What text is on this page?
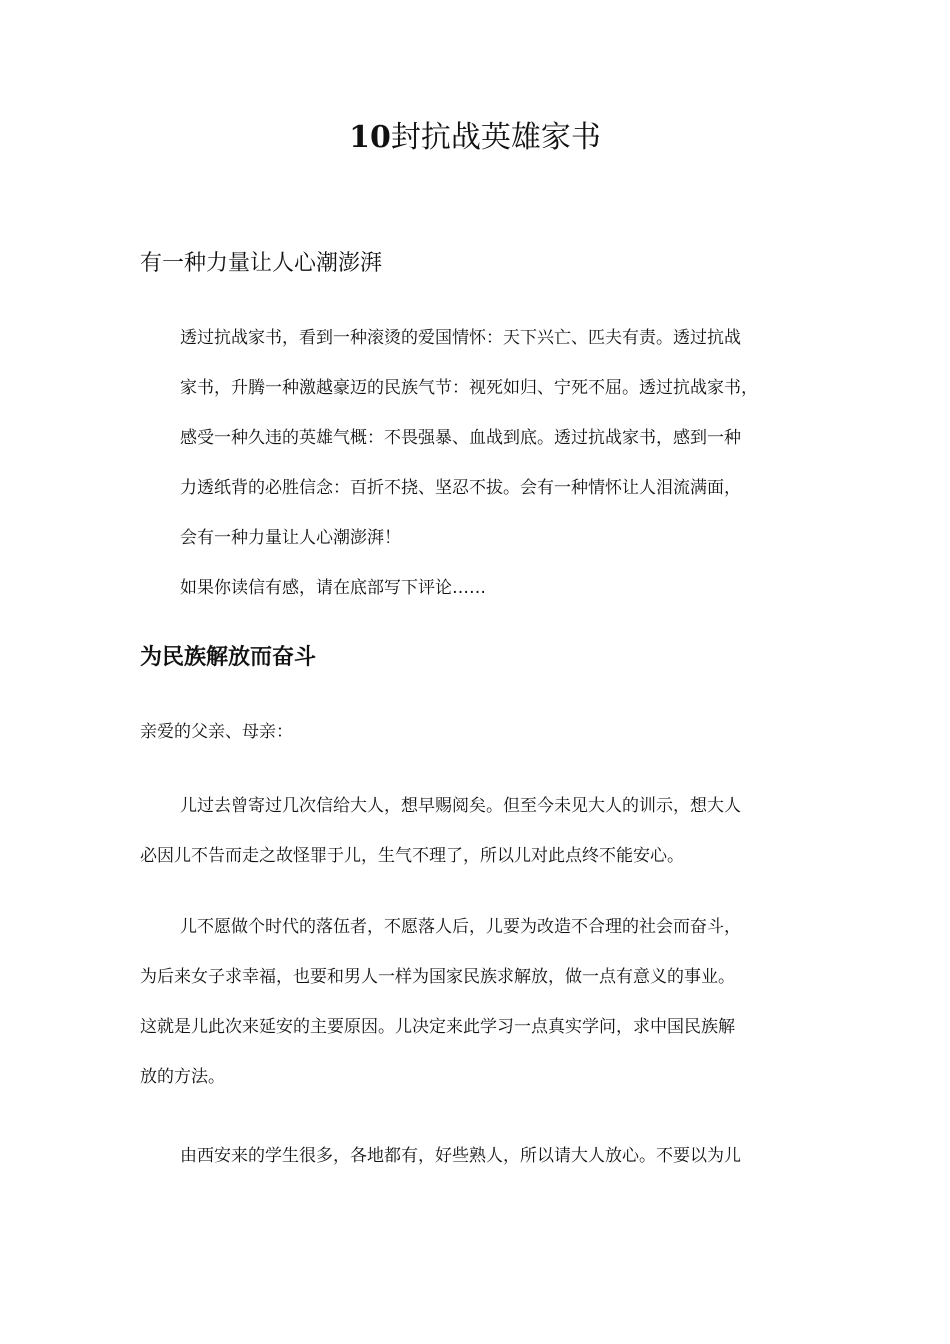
10封抗战英雄家书
有一种力量让人心潮澎湃
透过抗战家书，看到一种滚烫的爱国情怀：天下兴亡、匹夫有责。透过抗战
家书，升腾一种激越豪迈的民族气节：视死如归、宁死不屈。透过抗战家书，
感受一种久违的英雄气概：不畏强暴、血战到底。透过抗战家书，感到一种
力透纸背的必胜信念：百折不挠、坚忍不拔。会有一种情怀让人泪流满面，
会有一种力量让人心潮澎湃！
如果你读信有感，请在底部写下评论……
为民族解放而奋斗
亲爱的父亲、母亲：
儿过去曾寄过几次信给大人，想早赐阅矣。但至今未见大人的训示，想大人
必因儿不告而走之故怪罪于儿，生气不理了，所以儿对此点终不能安心。
儿不愿做个时代的落伍者，不愿落人后，儿要为改造不合理的社会而奋斗，
为后来女子求幸福，也要和男人一样为国家民族求解放，做一点有意义的事业。
这就是儿此次来延安的主要原因。儿决定来此学习一点真实学问，求中国民族解
放的方法。
由西安来的学生很多，各地都有，好些熟人，所以请大人放心。不要以为儿
